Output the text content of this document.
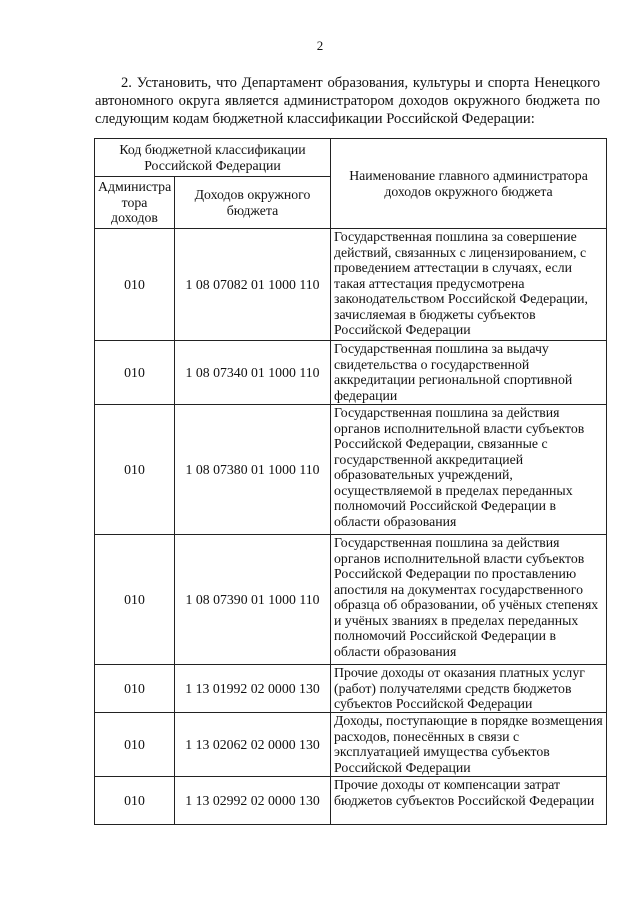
2

2. Установить, что Департамент образования, культуры и спорта Ненецкого автономного округа является администратором доходов окружного бюджета по следующим кодам бюджетной классификации Российской Федерации:

Код бюджетной классификации Российской Федерации		Наименование главного администратора доходов окружного бюджета
Администра тора доходов	Доходов окружного бюджета	
010	1 08 07082 01 1000 110	Государственная пошлина за совершение действий, связанных с лицензированием, с проведением аттестации в случаях, если такая аттестация предусмотрена законодательством Российской Федерации, зачисляемая в бюджеты субъектов Российской Федерации
010	1 08 07340 01 1000 110	Государственная пошлина за выдачу свидетельства о государственной аккредитации региональной спортивной федерации
010	1 08 07380 01 1000 110	Государственная пошлина за действия органов исполнительной власти субъектов Российской Федерации, связанные с государственной аккредитацией образовательных учреждений, осуществляемой в пределах переданных полномочий Российской Федерации в области образования
010	1 08 07390 01 1000 110	Государственная пошлина за действия органов исполнительной власти субъектов Российской Федерации по проставлению апостиля на документах государственного образца об образовании, об учёных степенях и учёных званиях в пределах переданных полномочий Российской Федерации в области образования
010	1 13 01992 02 0000 130	Прочие доходы от оказания платных услуг (работ) получателями средств бюджетов субъектов Российской Федерации
010	1 13 02062 02 0000 130	Доходы, поступающие в порядке возмещения расходов, понесённых в связи с эксплуатацией имущества субъектов Российской Федерации
010	1 13 02992 02 0000 130	Прочие доходы от компенсации затрат бюджетов субъектов Российской Федерации
